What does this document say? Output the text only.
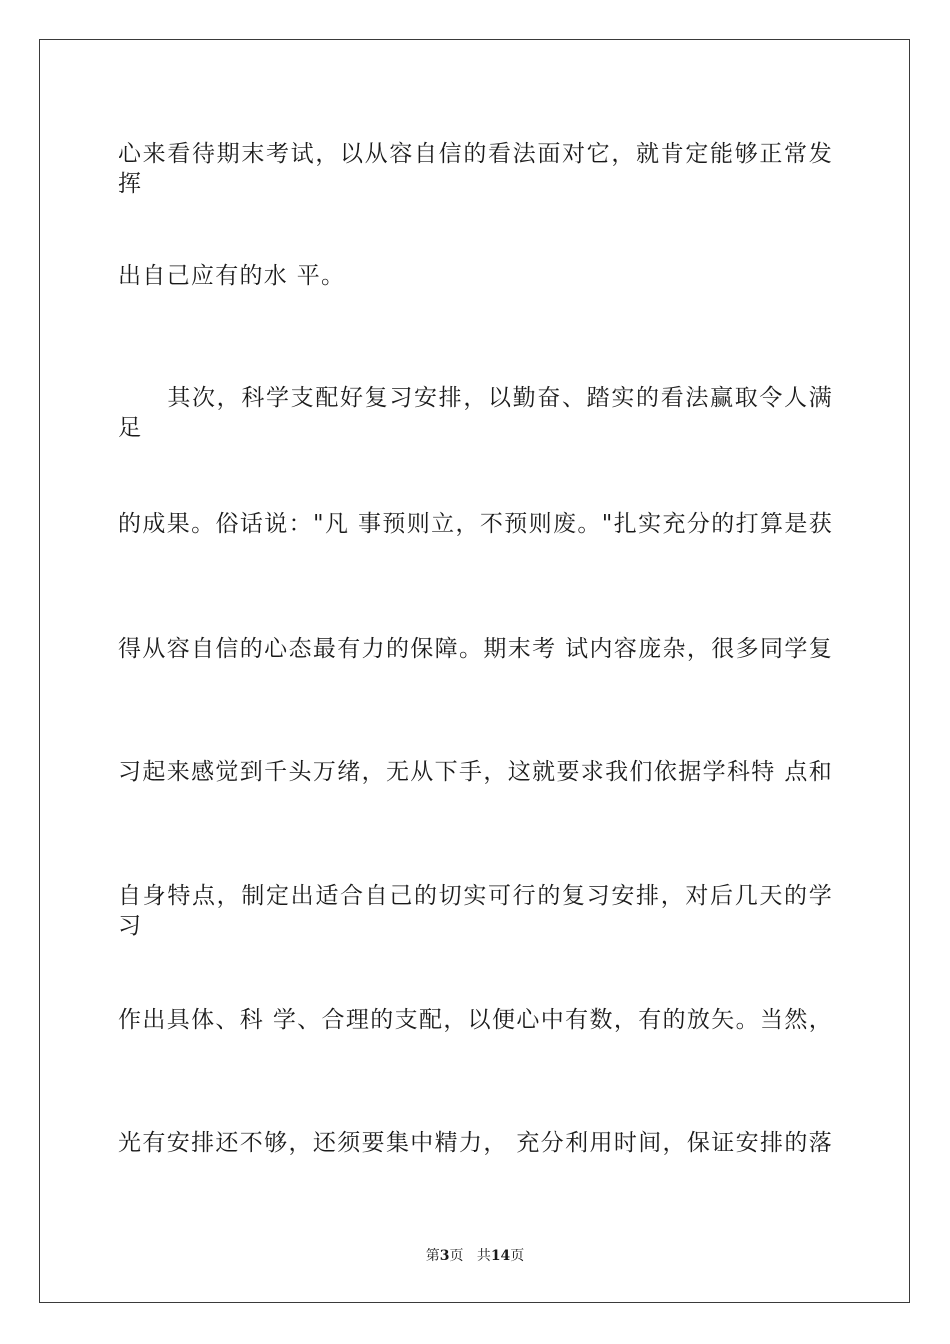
心来看待期末考试，以从容自信的看法面对它，就肯定能够正常发挥
出自己应有的水 平。
　　其次，科学支配好复习安排，以勤奋、踏实的看法赢取令人满足
的成果。俗话说："凡 事预则立，不预则废。"扎实充分的打算是获
得从容自信的心态最有力的保障。期末考 试内容庞杂，很多同学复
习起来感觉到千头万绪，无从下手，这就要求我们依据学科特 点和
自身特点，制定出适合自己的切实可行的复习安排，对后几天的学习
作出具体、科 学、合理的支配，以便心中有数，有的放矢。当然，
光有安排还不够，还须要集中精力， 充分利用时间，保证安排的落
第3页 共14页
